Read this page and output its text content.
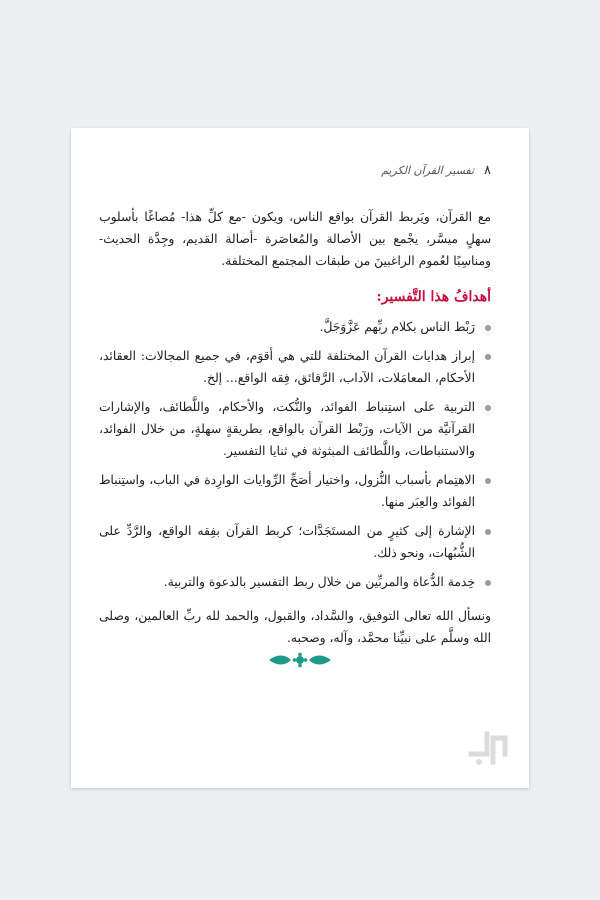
٨
تفسير القرآن الكريم

مع القرآن، ويَربط القرآن بواقع الناس، ويكون -مع كلِّ هذا- مُصاغًا بأسلوب سهلٍ ميسَّر، يجْمع بين الأصالة والمُعاصَرة -أصالة القديم، وجِدَّة الحديث- ومناسِبًا لعُموم الراغبينَ من طبقات المجتمع المختلفة.

أهدافُ هذا التَّفسير:
رَبْط الناس بكلام ربِّهم عَزَّوَجَلَّ.
إبراز هدايات القرآن المختلفة للتي هي أقوَم، في جميع المجالات: العقائد، الأحكام، المعامَلات، الآداب، الرَّقائق، فِقه الواقع... إلخ.
التربية على استِنباط الفوائد، والنُّكت، والأحكام، واللَّطائف، والإشارات القرآنيَّة من الآيات، ورَبْط القرآن بالواقع، بطريقةٍ سهلةٍ، من خلال الفوائد، والاستنباطات، واللَّطائف المبثوثة في ثنايا التفسير.
الاهتِمام بأسباب النُّزول، واختيار أصَحِّ الرِّوايات الوارِدة في الباب، واستِنباط الفوائد والعِبَر منها.
الإشارة إلى كثيرٍ من المستَجَدَّات؛ كربط القرآن بفِقه الواقع، والرَّدِّ على الشُّبُهات، ونحو ذلك.
خِدمة الدُّعاة والمربِّين من خلال ربط التفسير بالدعوة والتربية.

ونسأل الله تعالى التوفيق، والسَّداد، والقبول، والحمد لله ربِّ العالمين، وصلى الله وسلَّم على نبيِّنا محمَّد، وآله، وصحبه.
